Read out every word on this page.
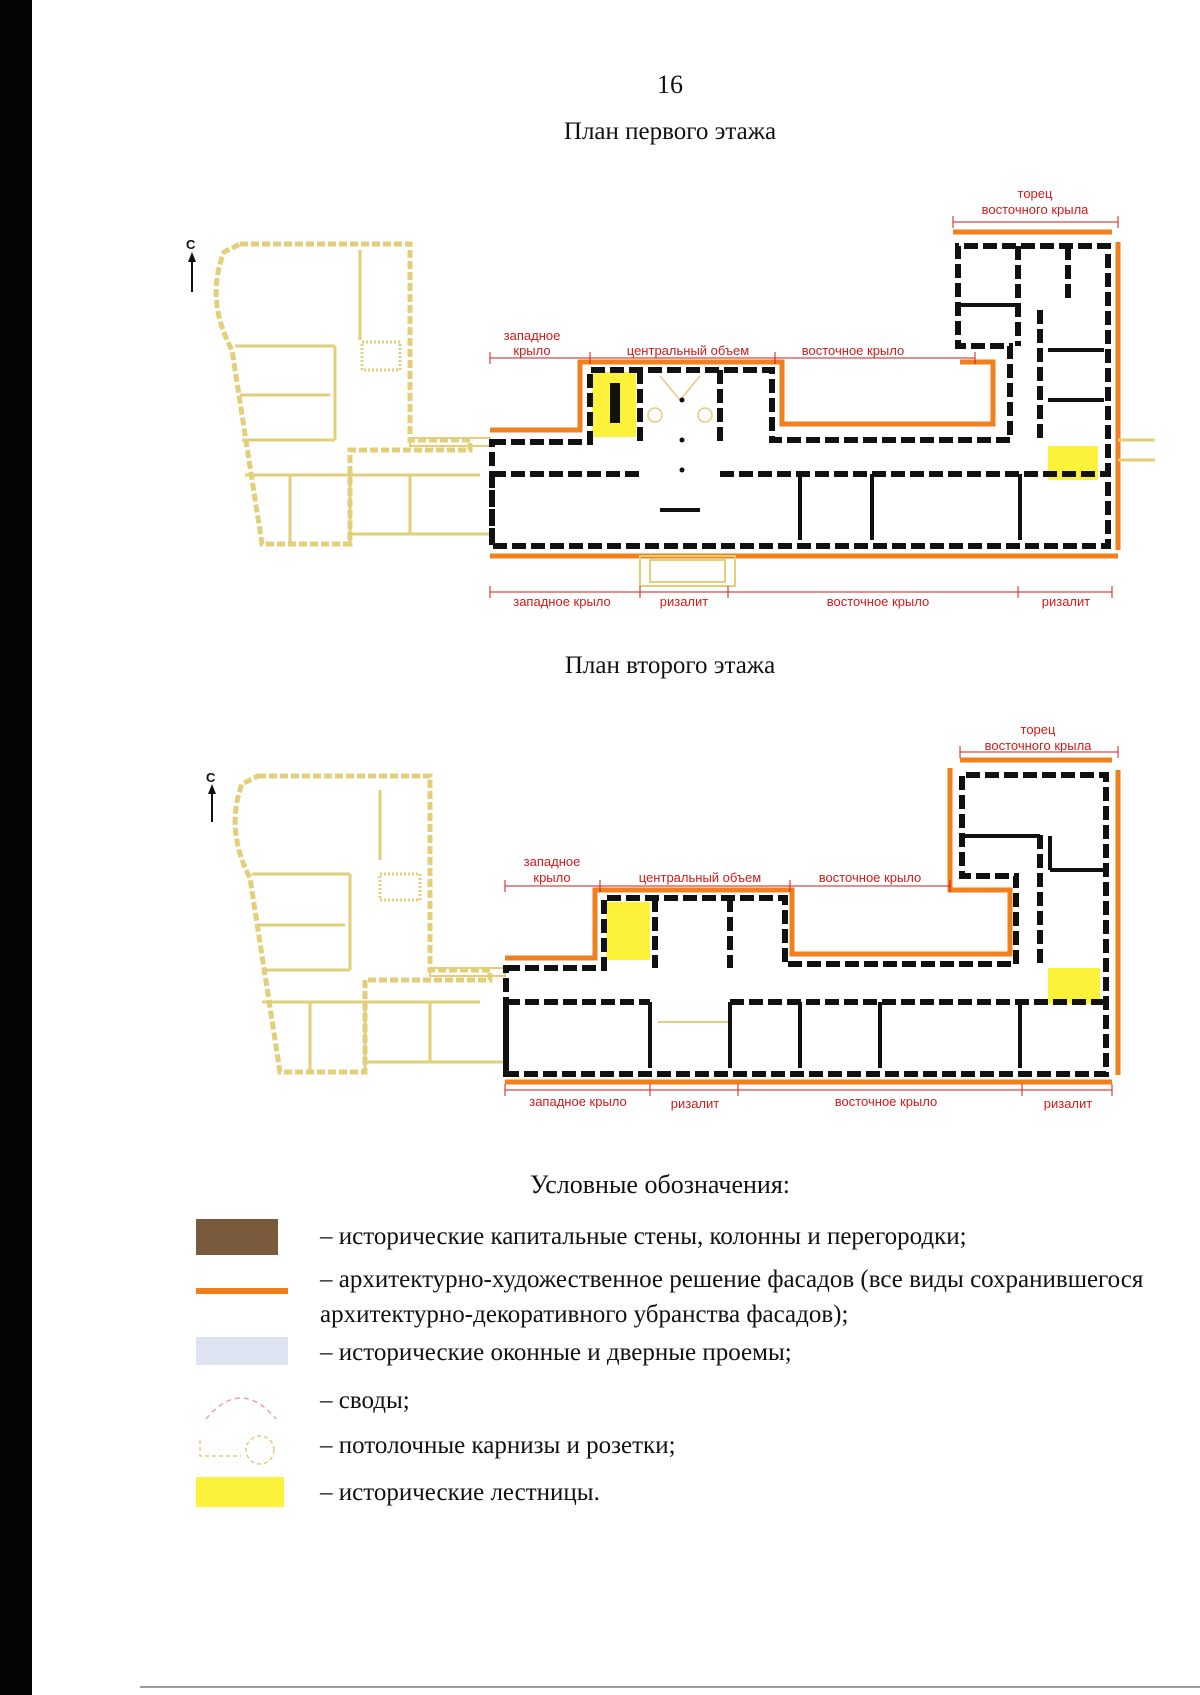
16
План первого этажа
С
западное
крыло	центральный объем	восточное крыло
торец
восточного крыла
западное крыло	ризалит	восточное крыло	ризалит
План второго этажа
С
западное
крыло	центральный объем	восточное крыло
торец
восточного крыла
западное крыло	ризалит	восточное крыло	ризалит
Условные обозначения:
– исторические капитальные стены, колонны и перегородки;
– архитектурно-художественное решение фасадов (все виды сохранившегося архитектурно-декоративного убранства фасадов);
– исторические оконные и дверные проемы;
– своды;
– потолочные карнизы и розетки;
– исторические лестницы.
